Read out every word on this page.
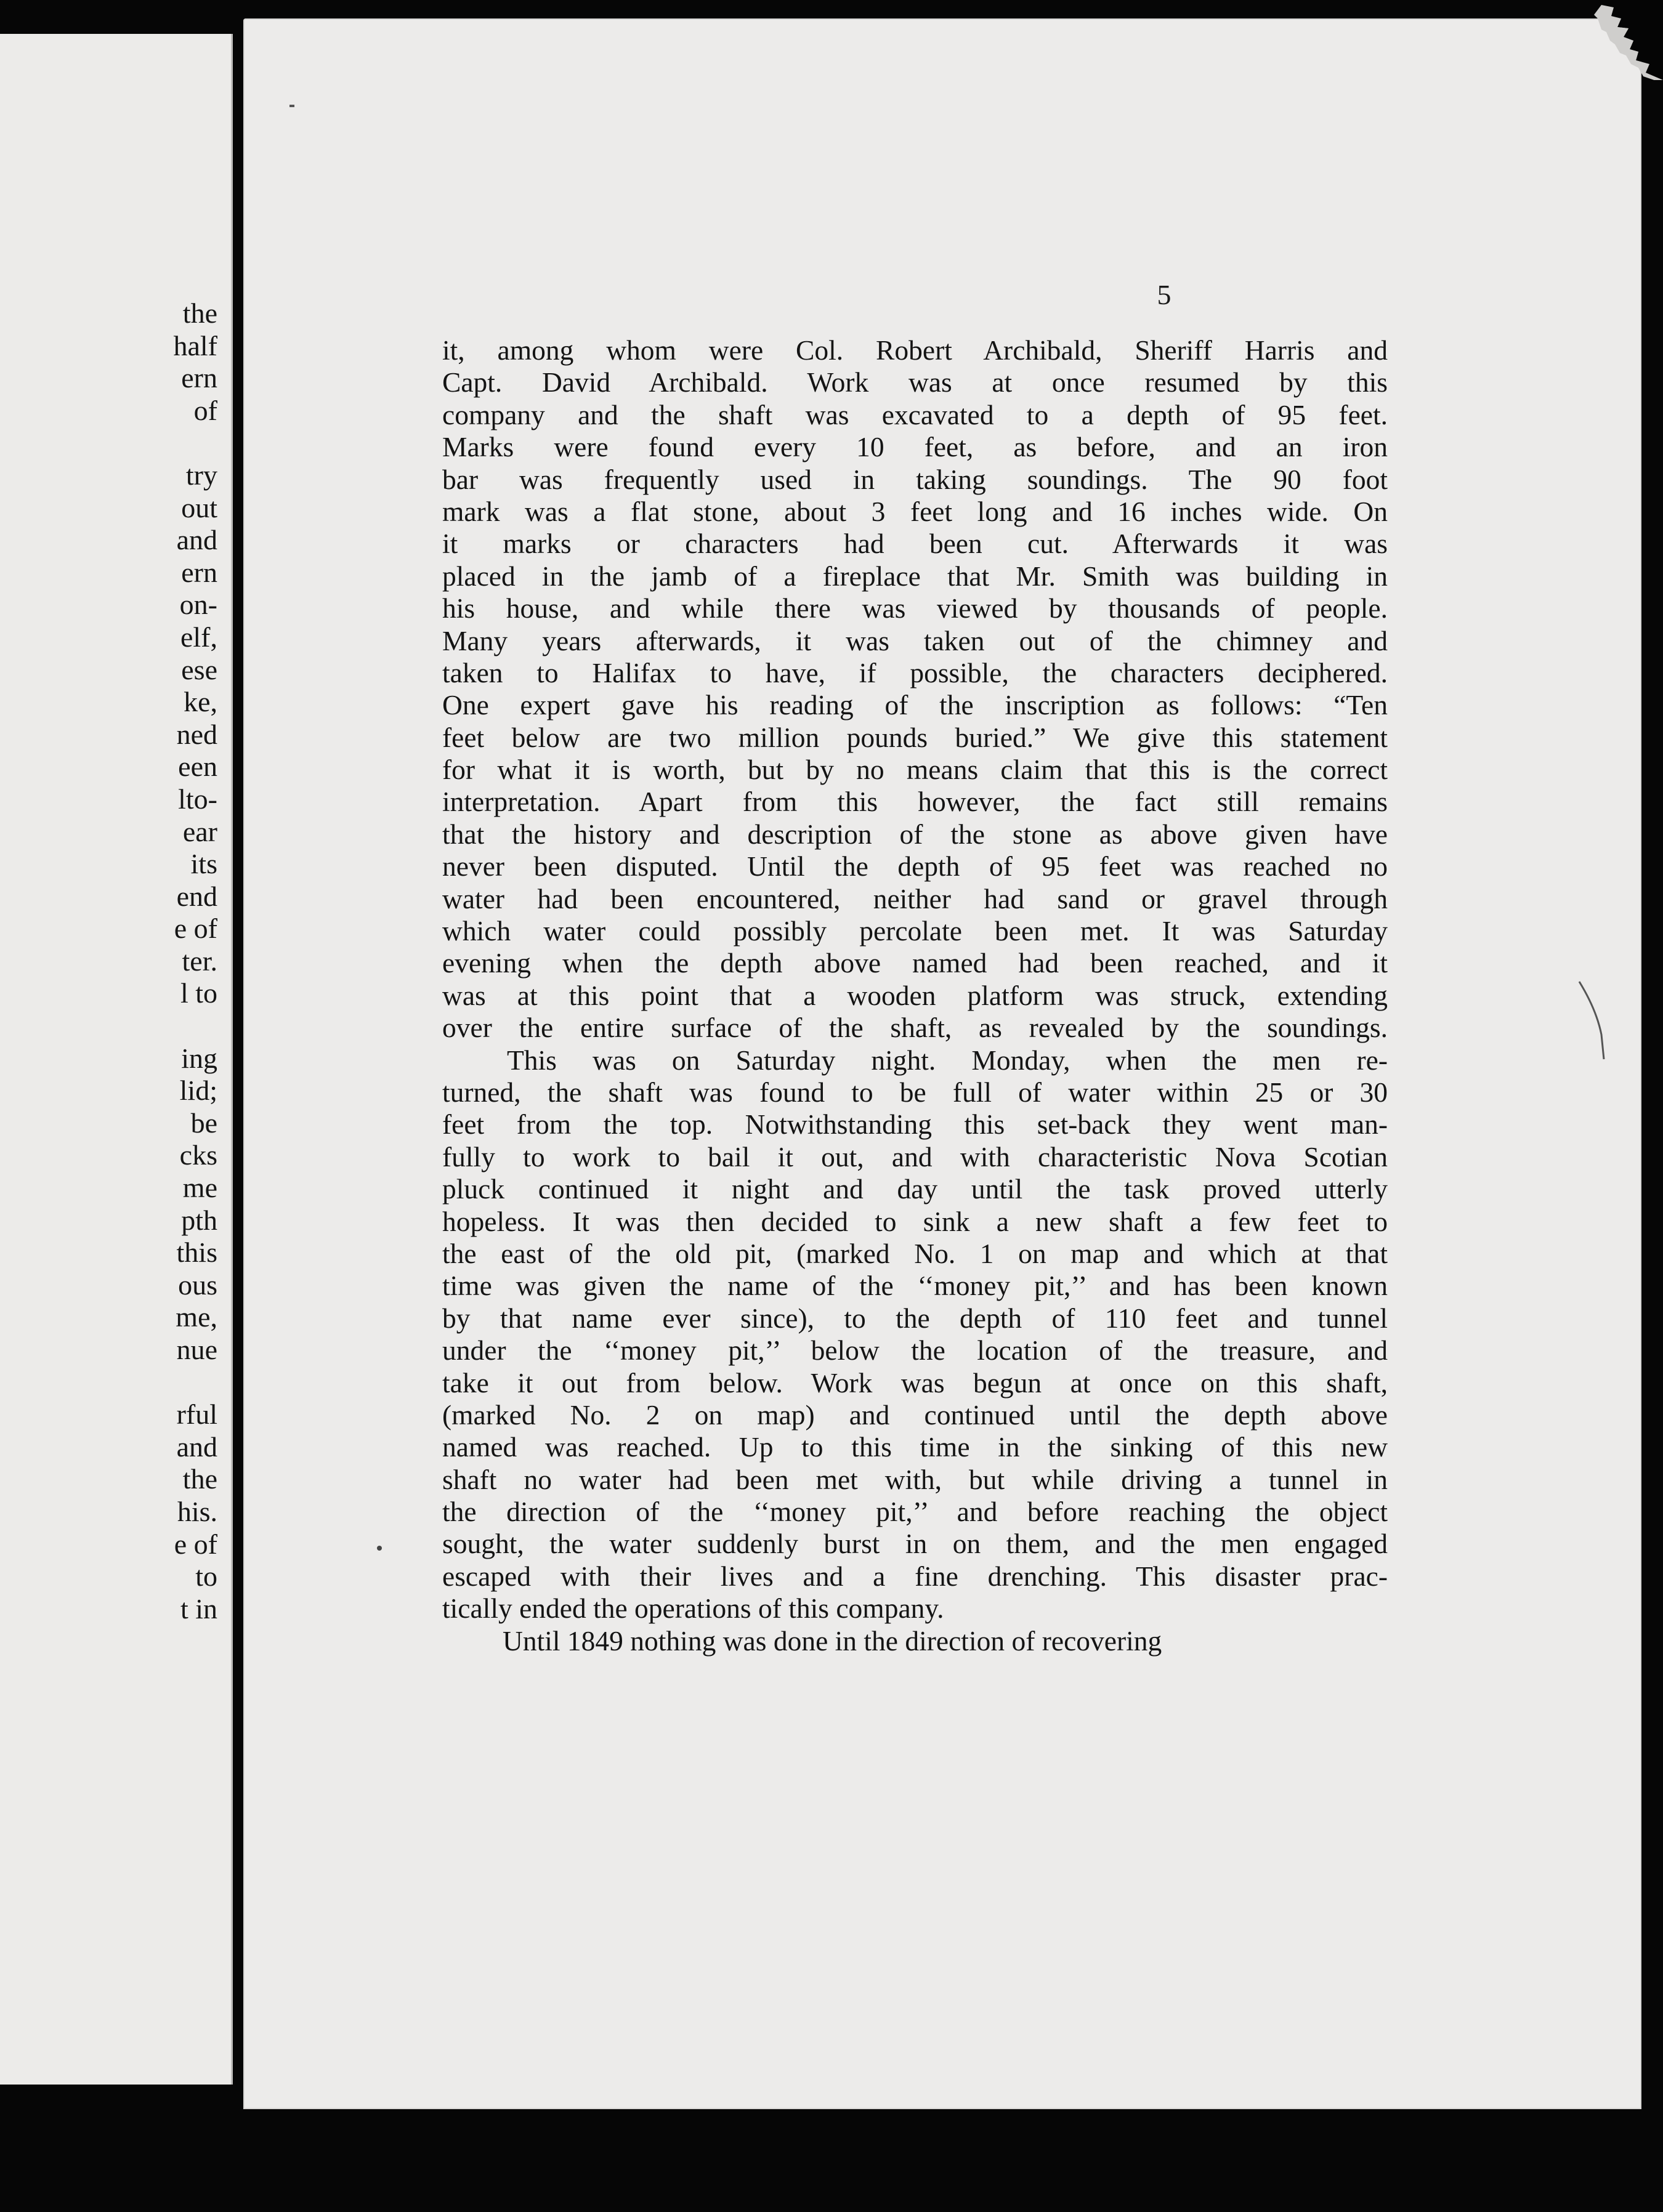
the
half
ern
of
try
out
and
ern
on-
elf,
ese
ke,
ned
een
lto-
ear
its
end
e of
ter.
l to
ing
lid;
be
cks
me
pth
this
ous
me,
nue
rful
and
the
his.
e of
to
t in
5
it, among whom were Col. Robert Archibald, Sheriff Harris and
Capt. David Archibald. Work was at once resumed by this
company and the shaft was excavated to a depth of 95 feet.
Marks were found every 10 feet, as before, and an iron
bar was frequently used in taking soundings. The 90 foot
mark was a flat stone, about 3 feet long and 16 inches wide. On
it marks or characters had been cut. Afterwards it was
placed in the jamb of a fireplace that Mr. Smith was building in
his house, and while there was viewed by thousands of people.
Many years afterwards, it was taken out of the chimney and
taken to Halifax to have, if possible, the characters deciphered.
One expert gave his reading of the inscription as follows: “Ten
feet below are two million pounds buried.” We give this statement
for what it is worth, but by no means claim that this is the correct
interpretation. Apart from this however, the fact still remains
that the history and description of the stone as above given have
never been disputed. Until the depth of 95 feet was reached no
water had been encountered, neither had sand or gravel through
which water could possibly percolate been met. It was Saturday
evening when the depth above named had been reached, and it
was at this point that a wooden platform was struck, extending
over the entire surface of the shaft, as revealed by the soundings.
This was on Saturday night. Monday, when the men re-
turned, the shaft was found to be full of water within 25 or 30
feet from the top. Notwithstanding this set-back they went man-
fully to work to bail it out, and with characteristic Nova Scotian
pluck continued it night and day until the task proved utterly
hopeless. It was then decided to sink a new shaft a few feet to
the east of the old pit, (marked No. 1 on map and which at that
time was given the name of the ‘‘money pit,’’ and has been known
by that name ever since), to the depth of 110 feet and tunnel
under the ‘‘money pit,’’ below the location of the treasure, and
take it out from below. Work was begun at once on this shaft,
(marked No. 2 on map) and continued until the depth above
named was reached. Up to this time in the sinking of this new
shaft no water had been met with, but while driving a tunnel in
the direction of the ‘‘money pit,’’ and before reaching the object
sought, the water suddenly burst in on them, and the men engaged
escaped with their lives and a fine drenching. This disaster prac-
tically ended the operations of this company.
Until 1849 nothing was done in the direction of recovering
